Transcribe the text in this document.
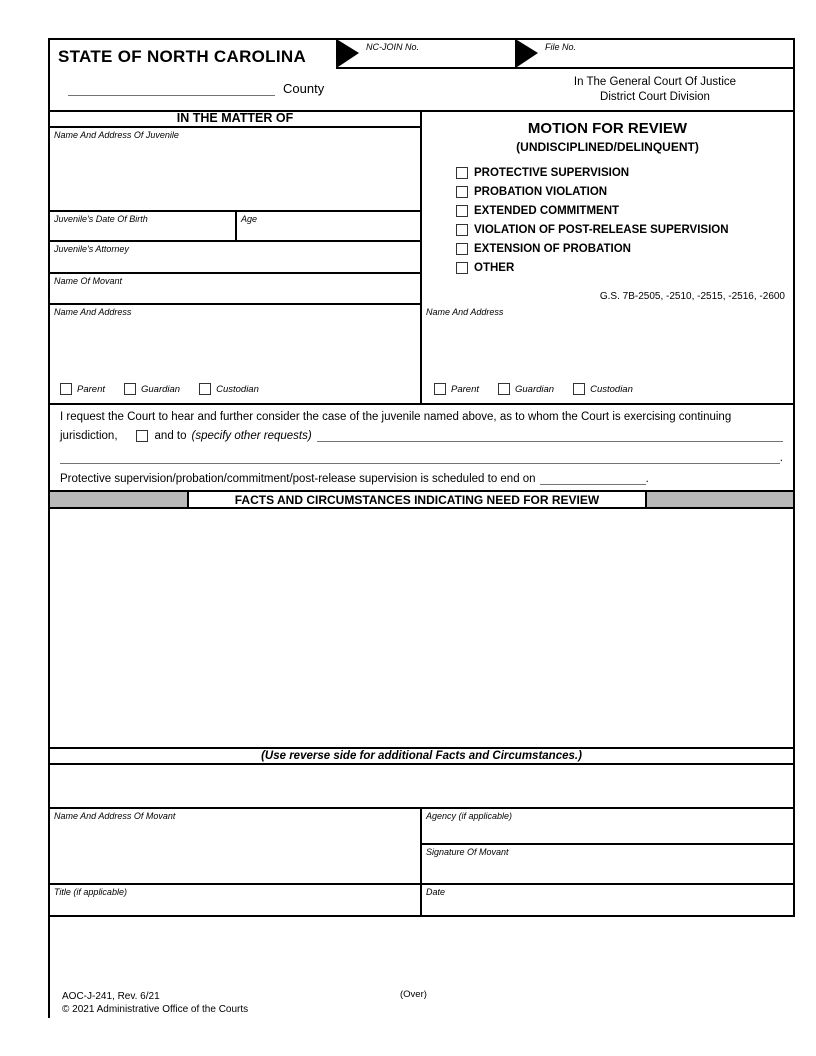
STATE OF NORTH CAROLINA	NC-JOIN No.	File No.
County	In The General Court Of Justice
District Court Division
IN THE MATTER OF
Name And Address Of Juvenile
Juvenile's Date Of Birth	Age
Juvenile's Attorney
Name Of Movant
Name And Address
Parent	Guardian	Custodian
MOTION FOR REVIEW
(UNDISCIPLINED/DELINQUENT)
PROTECTIVE SUPERVISION
PROBATION VIOLATION
EXTENDED COMMITMENT
VIOLATION OF POST-RELEASE SUPERVISION
EXTENSION OF PROBATION
OTHER
G.S. 7B-2505, -2510, -2515, -2516, -2600
Name And Address
Parent	Guardian	Custodian
I request the Court to hear and further consider the case of the juvenile named above, as to whom the Court is exercising continuing
jurisdiction,	and to (specify other requests)
.
Protective supervision/probation/commitment/post-release supervision is scheduled to end on	.
FACTS AND CIRCUMSTANCES INDICATING NEED FOR REVIEW
(Use reverse side for additional Facts and Circumstances.)
Name And Address Of Movant	Agency (if applicable)
Signature Of Movant
Title (if applicable)	Date
AOC-J-241, Rev. 6/21
© 2021 Administrative Office of the Courts
(Over)
